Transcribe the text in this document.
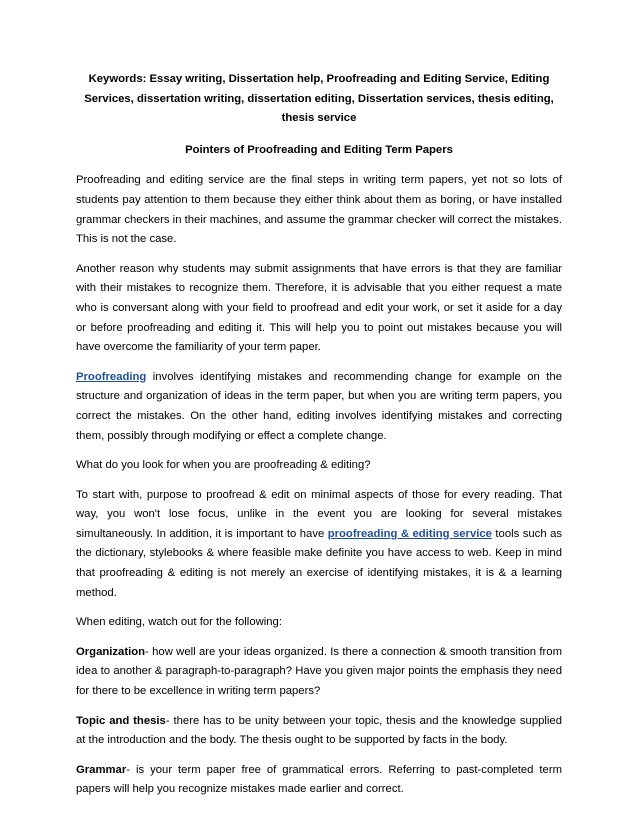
Keywords: Essay writing, Dissertation help, Proofreading and Editing Service, Editing Services, dissertation writing, dissertation editing, Dissertation services, thesis editing, thesis service

Pointers of Proofreading and Editing Term Papers

Proofreading and editing service are the final steps in writing term papers, yet not so lots of students pay attention to them because they either think about them as boring, or have installed grammar checkers in their machines, and assume the grammar checker will correct the mistakes. This is not the case.

Another reason why students may submit assignments that have errors is that they are familiar with their mistakes to recognize them. Therefore, it is advisable that you either request a mate who is conversant along with your field to proofread and edit your work, or set it aside for a day or before proofreading and editing it. This will help you to point out mistakes because you will have overcome the familiarity of your term paper.

Proofreading involves identifying mistakes and recommending change for example on the structure and organization of ideas in the term paper, but when you are writing term papers, you correct the mistakes. On the other hand, editing involves identifying mistakes and correcting them, possibly through modifying or effect a complete change.

What do you look for when you are proofreading & editing?

To start with, purpose to proofread & edit on minimal aspects of those for every reading. That way, you won't lose focus, unlike in the event you are looking for several mistakes simultaneously. In addition, it is important to have proofreading & editing service tools such as the dictionary, stylebooks & where feasible make definite you have access to web. Keep in mind that proofreading & editing is not merely an exercise of identifying mistakes, it is & a learning method.

When editing, watch out for the following:

Organization- how well are your ideas organized. Is there a connection & smooth transition from idea to another & paragraph-to-paragraph? Have you given major points the emphasis they need for there to be excellence in writing term papers?

Topic and thesis- there has to be unity between your topic, thesis and the knowledge supplied at the introduction and the body. The thesis ought to be supported by facts in the body.

Grammar- is your term paper free of grammatical errors. Referring to past-completed term papers will help you recognize mistakes made earlier and correct.
